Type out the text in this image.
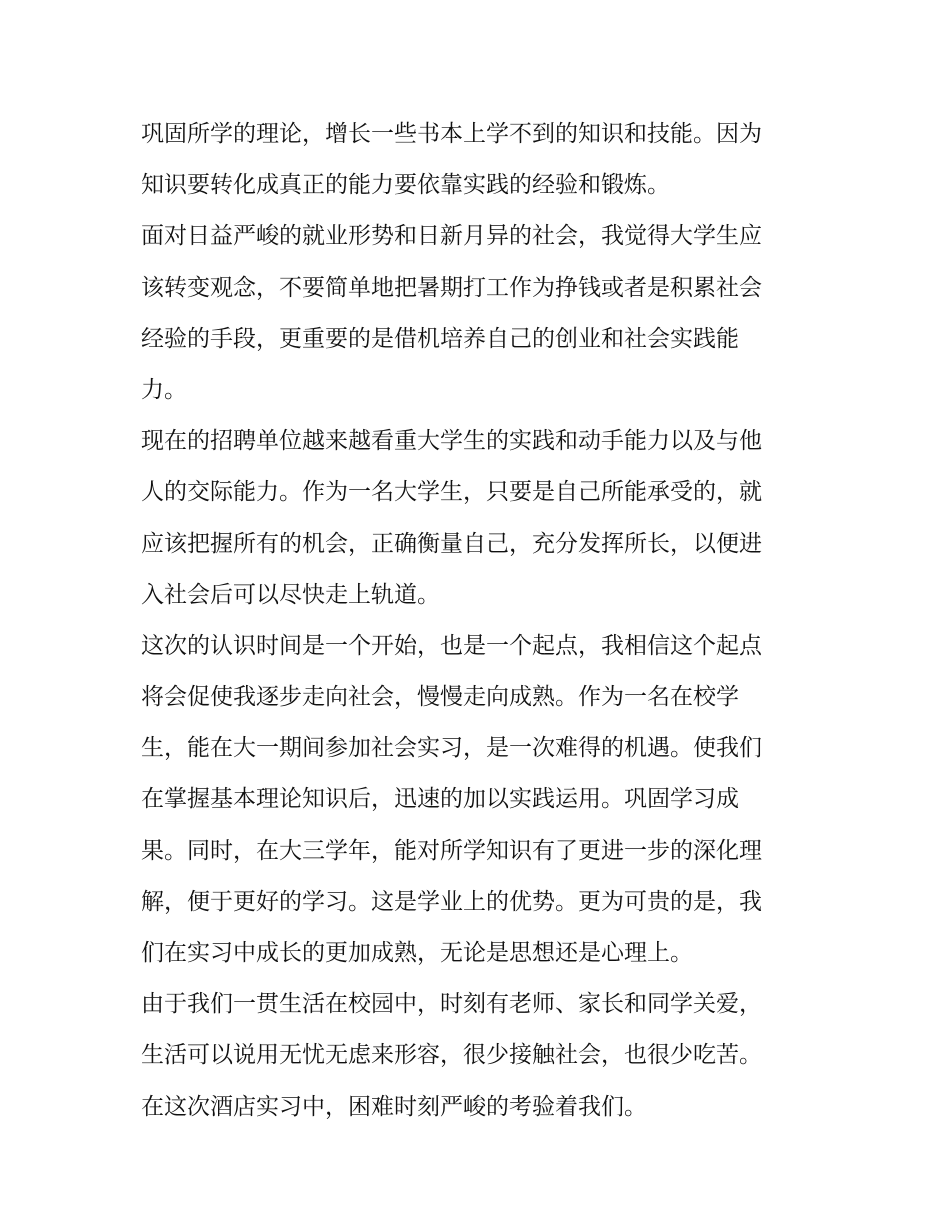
巩固所学的理论，增长一些书本上学不到的知识和技能。因为
知识要转化成真正的能力要依靠实践的经验和锻炼。
面对日益严峻的就业形势和日新月异的社会，我觉得大学生应
该转变观念，不要简单地把暑期打工作为挣钱或者是积累社会
经验的手段，更重要的是借机培养自己的创业和社会实践能
力。
现在的招聘单位越来越看重大学生的实践和动手能力以及与他
人的交际能力。作为一名大学生，只要是自己所能承受的，就
应该把握所有的机会，正确衡量自己，充分发挥所长，以便进
入社会后可以尽快走上轨道。
这次的认识时间是一个开始，也是一个起点，我相信这个起点
将会促使我逐步走向社会，慢慢走向成熟。作为一名在校学
生，能在大一期间参加社会实习，是一次难得的机遇。使我们
在掌握基本理论知识后，迅速的加以实践运用。巩固学习成
果。同时，在大三学年，能对所学知识有了更进一步的深化理
解，便于更好的学习。这是学业上的优势。更为可贵的是，我
们在实习中成长的更加成熟，无论是思想还是心理上。
由于我们一贯生活在校园中，时刻有老师、家长和同学关爱，
生活可以说用无忧无虑来形容，很少接触社会，也很少吃苦。
在这次酒店实习中，困难时刻严峻的考验着我们。
